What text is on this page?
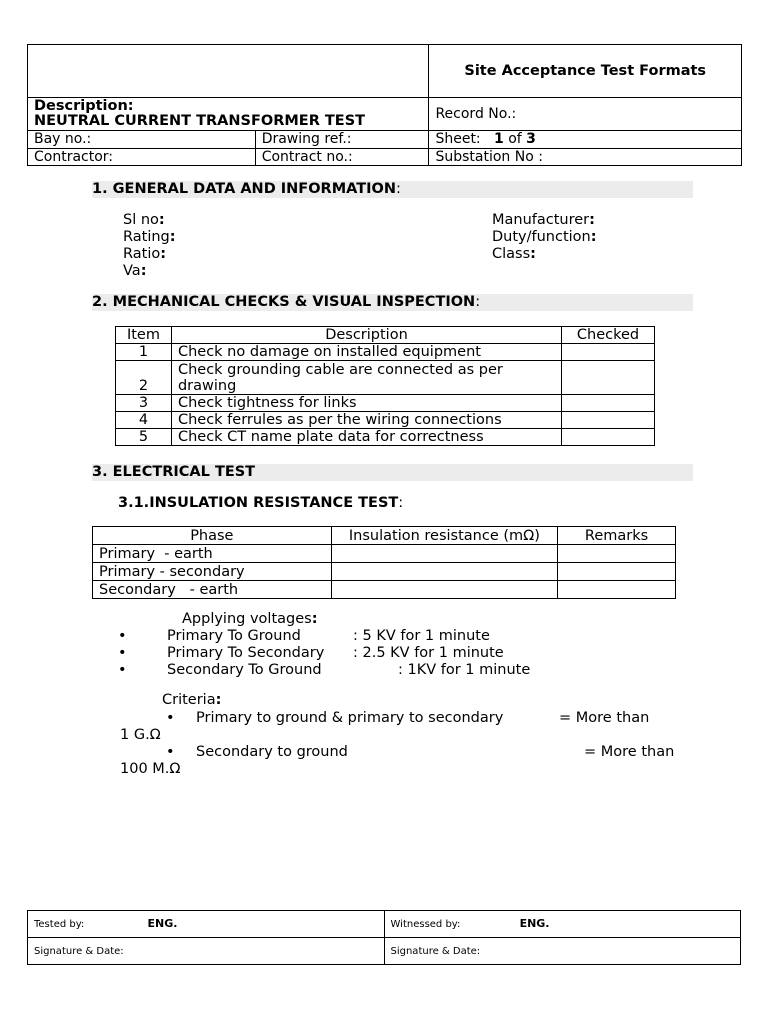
		Site Acceptance Test Formats

Description:
NEUTRAL CURRENT TRANSFORMER TEST		Record No.:
Bay no.:	Drawing ref.:	Sheet: 1 of 3
Contractor:	Contract no.:	Substation No :
1. GENERAL DATA AND INFORMATION:
Sl no:
Rating:
Ratio:
Va:
Manufacturer:
Duty/function:
Class:
2. MECHANICAL CHECKS & VISUAL INSPECTION:
Item	Description	Checked
1	Check no damage on installed equipment	
2	Check grounding cable are connected as per drawing	
3	Check tightness for links	
4	Check ferrules as per the wiring connections	
5	Check CT name plate data for correctness	
3. ELECTRICAL TEST
3.1.INSULATION RESISTANCE TEST:
Phase	Insulation resistance (mΩ)	Remarks
Primary  - earth		
Primary - secondary		
Secondary   - earth		
Applying voltages:
•	Primary To Ground	: 5 KV for 1 minute
•	Primary To Secondary : 2.5 KV for 1 minute
•	Secondary To Ground	: 1KV for 1 minute
Criteria:
• Primary to ground & primary to secondary	= More than
1 G.Ω
• Secondary to ground	= More than
100 M.Ω
Tested by: ENG.	Witnessed by: ENG.
Signature & Date:	Signature & Date:
